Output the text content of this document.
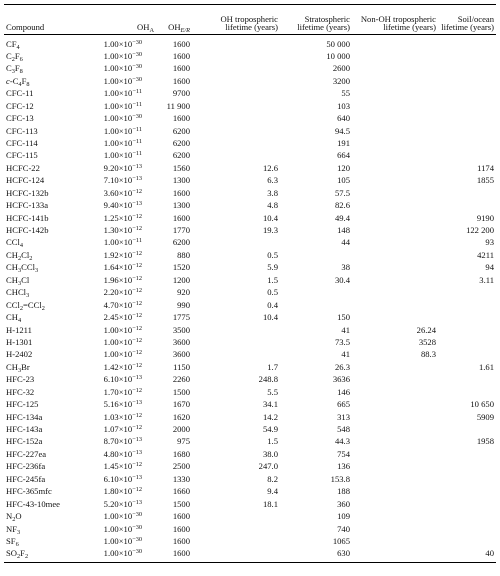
Compound	$OH_A$	$OH_{E/R}$	OH tropospheric lifetime (years)	Stratospheric lifetime (years)	Non-OH tropospheric lifetime (years)	Soil/ocean lifetime (years)
$CF_4$	$1.00\times 10^{-30}$	1600		50 000		
$C_2F_6$	$1.00\times 10^{-30}$	1600		10 000		
$C_3F_8$	$1.00\times 10^{-30}$	1600		2600		
$c-C_4F_8$	$1.00\times 10^{-30}$	1600		3200		
CFC-11	$1.00\times 10^{-11}$	9700		55		
CFC-12	$1.00\times 10^{-11}$	11 900		103		
CFC-13	$1.00\times 10^{-30}$	1600		640		
CFC-113	$1.00\times 10^{-11}$	6200		94.5		
CFC-114	$1.00\times 10^{-11}$	6200		191		
CFC-115	$1.00\times 10^{-11}$	6200		664		
HCFC-22	$9.20\times 10^{-13}$	1560	12.6	120		1174
HCFC-124	$7.10\times 10^{-13}$	1300	6.3	105		1855
HCFC-132b	$3.60\times 10^{-12}$	1600	3.8	57.5		
HCFC-133a	$9.40\times 10^{-13}$	1300	4.8	82.6		
HCFC-141b	$1.25\times 10^{-12}$	1600	10.4	49.4		9190
HCFC-142b	$1.30\times 10^{-12}$	1770	19.3	148		122 200
CCl$_4$	$1.00\times 10^{-11}$	6200		44		93
$CH_2Cl_2$	$1.92\times 10^{-12}$	880	0.5			4211
$CH_3CCl_3$	$1.64\times 10^{-12}$	1520	5.9	38		94
$CH_3Cl$	$1.96\times 10^{-12}$	1200	1.5	30.4		3.11
CHCl$_3$	$2.20\times 10^{-12}$	920	0.5			
CCl$_2$=CCl$_2$	$4.70\times 10^{-12}$	990	0.4			
$CH_4$	$2.45\times 10^{-12}$	1775	10.4	150		
H-1211	$1.00\times 10^{-12}$	3500		41	26.24	
H-1301	$1.00\times 10^{-12}$	3600		73.5	3528	
H-2402	$1.00\times 10^{-12}$	3600		41	88.3	
$CH_3Br$	$1.42\times 10^{-12}$	1150	1.7	26.3		1.61
HFC-23	$6.10\times 10^{-13}$	2260	248.8	3636		
HFC-32	$1.70\times 10^{-12}$	1500	5.5	146		
HFC-125	$5.16\times 10^{-13}$	1670	34.1	665		10 650
HFC-134a	$1.03\times 10^{-12}$	1620	14.2	313		5909
HFC-143a	$1.07\times 10^{-12}$	2000	54.9	548		
HFC-152a	$8.70\times 10^{-13}$	975	1.5	44.3		1958
HFC-227ea	$4.80\times 10^{-13}$	1680	38.0	754		
HFC-236fa	$1.45\times 10^{-12}$	2500	247.0	136		
HFC-245fa	$6.10\times 10^{-13}$	1330	8.2	153.8		
HFC-365mfc	$1.80\times 10^{-12}$	1660	9.4	188		
HFC-43-10mee	$5.20\times 10^{-13}$	1500	18.1	360		
$N_2O$	$1.00\times 10^{-30}$	1600		109		
$NF_3$	$1.00\times 10^{-30}$	1600		740		
$SF_6$	$1.00\times 10^{-30}$	1600		1065		
$SO_2F_2$	$1.00\times 10^{-30}$	1600		630		40
